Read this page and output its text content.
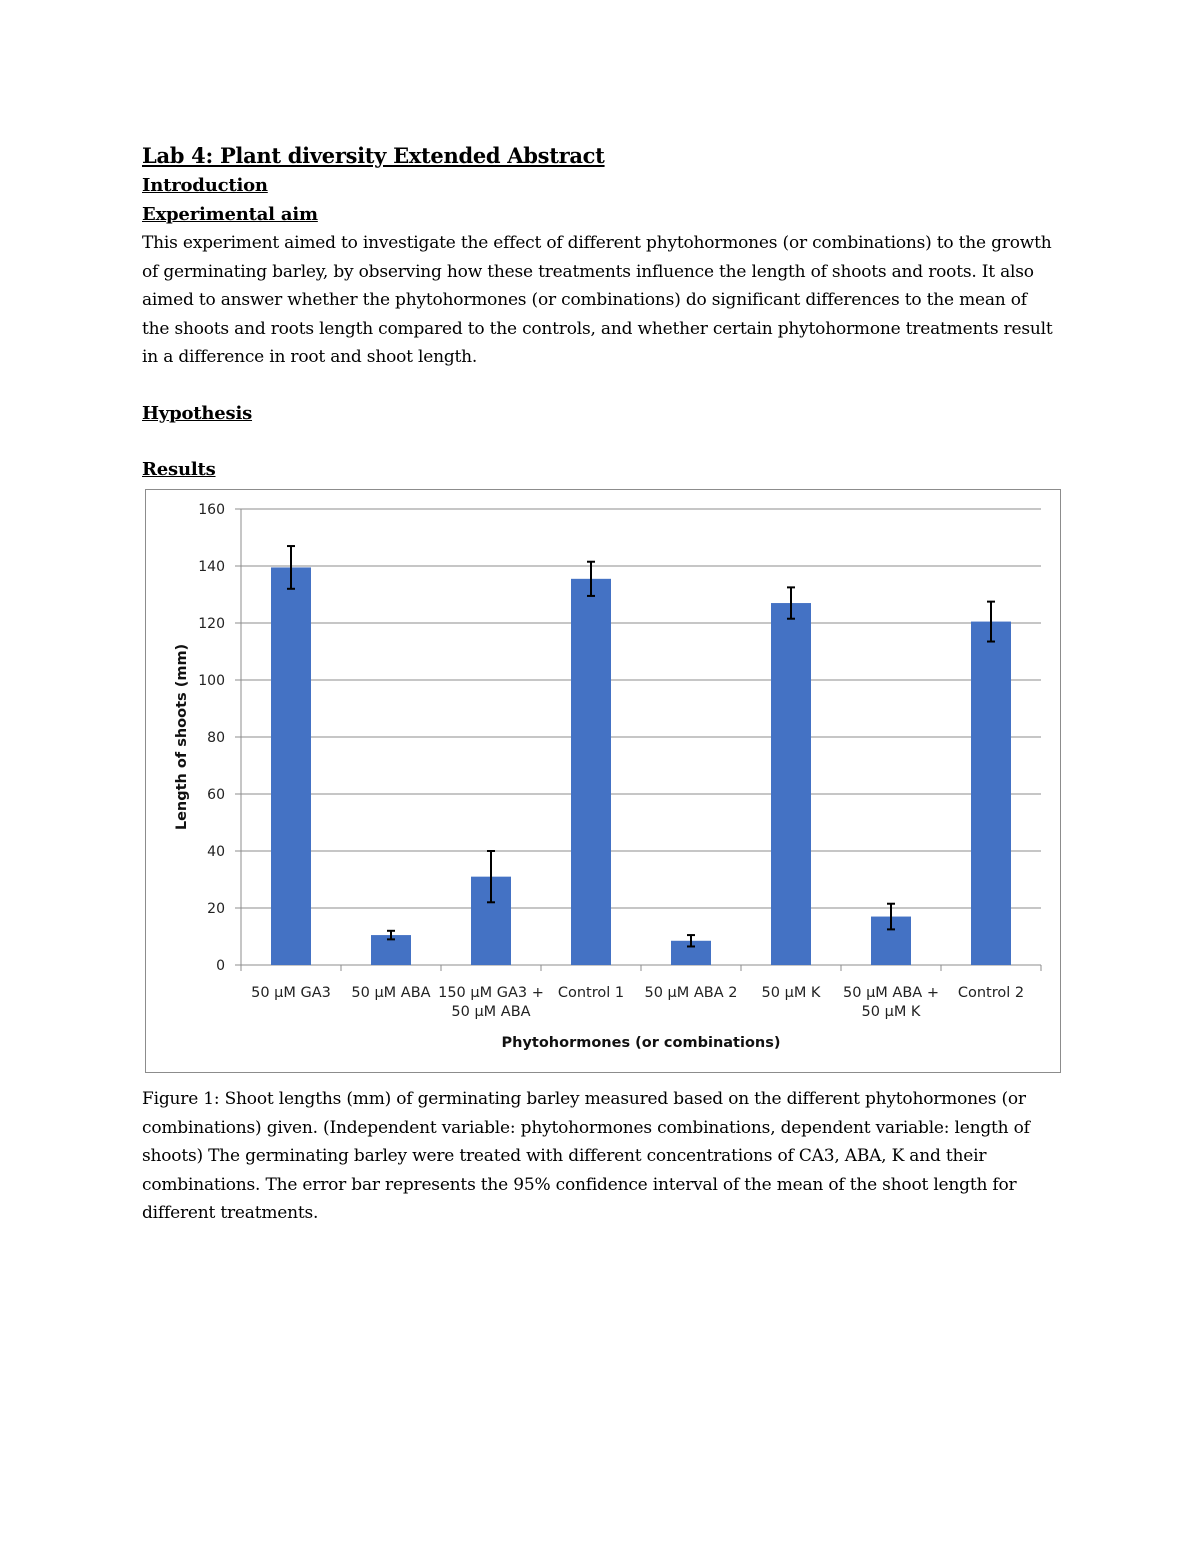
Lab 4: Plant diversity Extended Abstract
Introduction
Experimental aim
This experiment aimed to investigate the effect of different phytohormones (or combinations) to the growth of germinating barley, by observing how these treatments influence the length of shoots and roots. It also aimed to answer whether the phytohormones (or combinations) do significant differences to the mean of the shoots and roots length compared to the controls, and whether certain phytohormone treatments result in a difference in root and shoot length.
Hypothesis
Results
0
20
40
60
80
100
120
140
160
50 µM GA3 50 µM ABA 150 µM GA3 +
50 µM ABA
Control 1 50 µM ABA 2 50 µM K 50 µM ABA +
50 µM K
Control 2
Phytohormones (or combinations)
Length of shoots (mm)
Figure 1: Shoot lengths (mm) of germinating barley measured based on the different phytohormones (or combinations) given. (Independent variable: phytohormones combinations, dependent variable: length of shoots) The germinating barley were treated with different concentrations of CA3, ABA, K and their combinations. The error bar represents the 95% confidence interval of the mean of the shoot length for different treatments.
